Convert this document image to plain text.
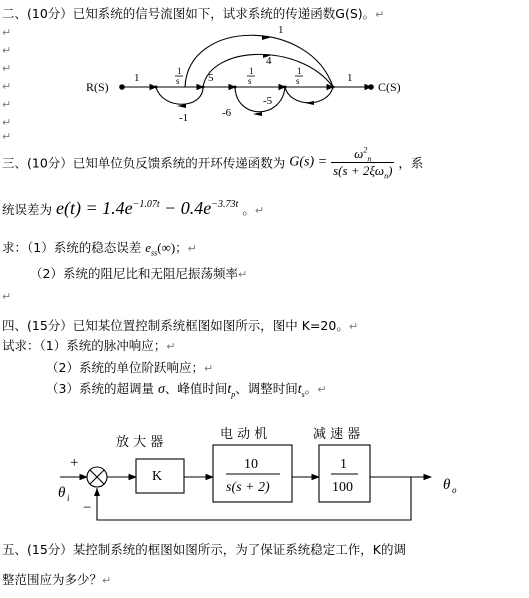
二、(10分）已知系统的信号流图如下，试求系统的传递函数G(S)。↵
↵
↵
↵
↵
↵
↵
↵
R(S)	C(S)
1	5	1
1
4
-1	-6
-5
1
s
1
s
1
s
三、(10分）已知单位负反馈系统的开环传递函数为 $G(s) = \frac{\omega^2_n}{s(s + 2\xi\omega_n)}$ ，系
统误差为 $e(t) = 1.4e^{-1.07t} - 0.4e^{-3.73t}$ 。↵
求：（1）系统的稳态误差 $e_{ss}(\infty)$；↵
（2）系统的阻尼比和无阻尼振荡频率↵
↵
四、(15分）已知某位置控制系统框图如图所示，图中 K=20。↵
试求：（1）系统的脉冲响应；↵
（2）系统的单位阶跃响应；↵
（3）系统的超调量 σ、峰值时间$t_p$、调整时间$t_s$。↵
放 大 器
电 动 机	减 速 器
K
10
s(s + 2)
1
100
+
−
θ i
θ o
五、(15分）某控制系统的框图如图所示，为了保证系统稳定工作，K的调
整范围应为多少？↵
